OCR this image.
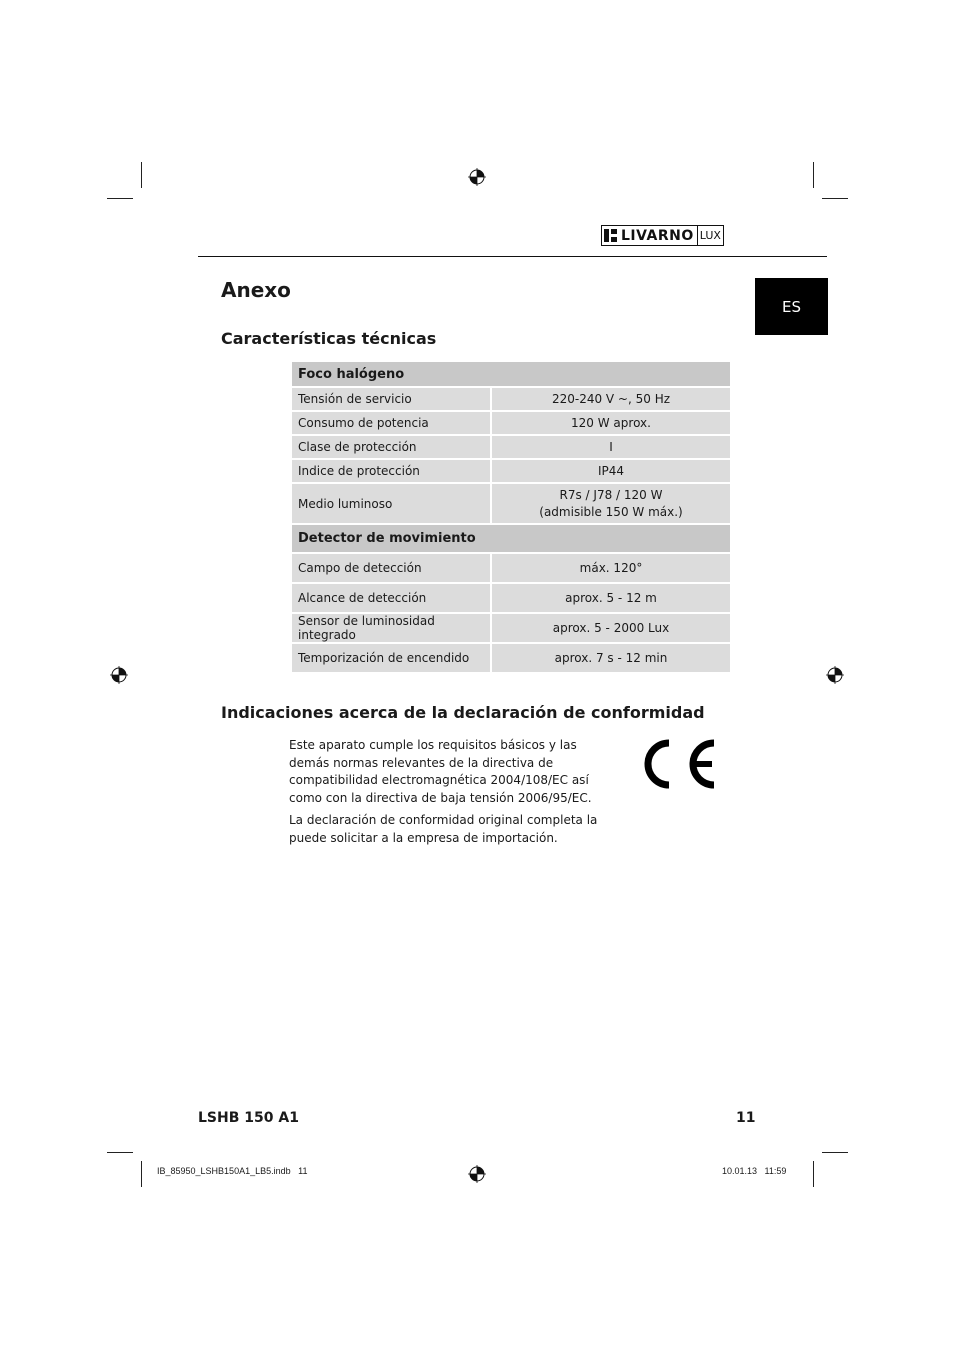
LIVARNO LUX
ES
Anexo
Características técnicas
Foco halógeno	
Tensión de servicio	220-240 V ~, 50 Hz
Consumo de potencia	120 W aprox.
Clase de protección	I
Indice de protección	IP44
Medio luminoso	R7s / J78 / 120 W
(admisible 150 W máx.)

Detector de movimiento	
Campo de detección	máx. 120°
Alcance de detección	aprox. 5 - 12 m
Sensor de luminosidad integrado	aprox. 5 - 2000 Lux
Temporización de encendido	aprox. 7 s - 12 min
Indicaciones acerca de la declaración de conformidad

Este aparato cumple los requisitos básicos y las demás normas relevantes de la directiva de compatibilidad electromagnética 2004/108/EC así como con la directiva de baja tensión 2006/95/EC.

La declaración de conformidad original completa la puede solicitar a la empresa de importación.

LSHB 150 A1	11
IB_85950_LSHB150A1_LB5.indb   11	10.01.13   11:59
